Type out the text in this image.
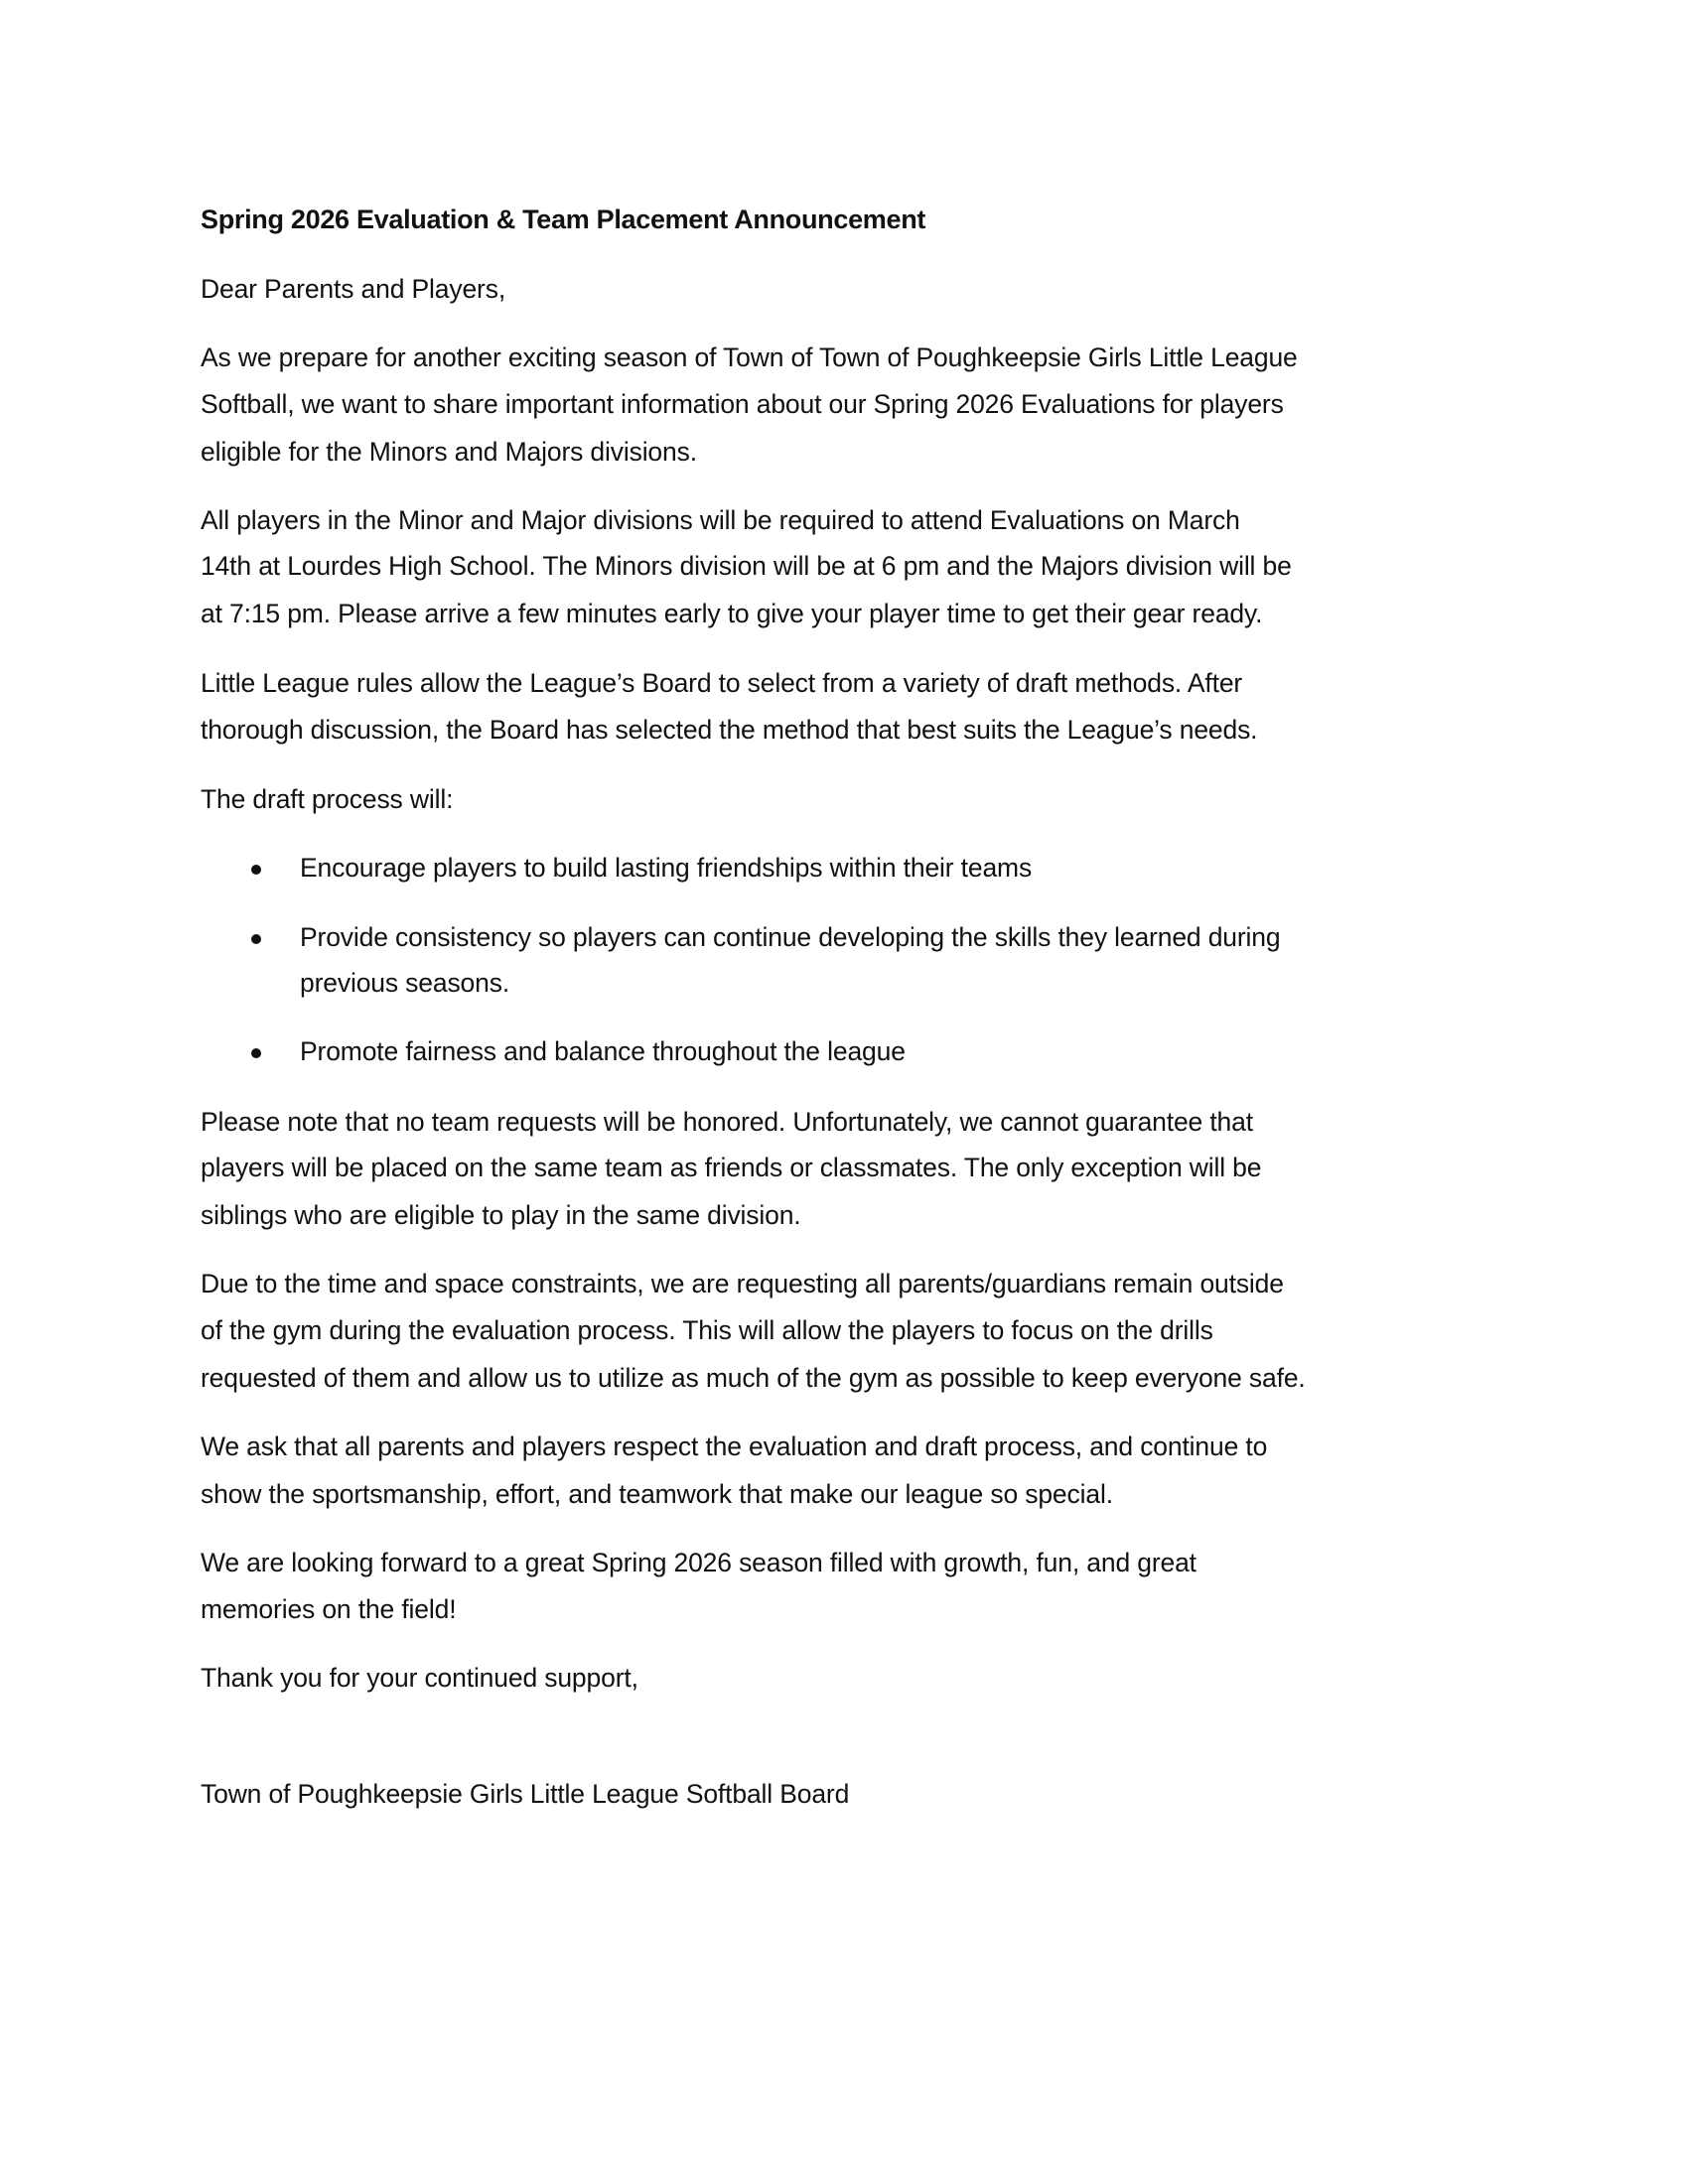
Spring 2026 Evaluation & Team Placement Announcement
Dear Parents and Players,
As we prepare for another exciting season of Town of Town of Poughkeepsie Girls Little League
Softball, we want to share important information about our Spring 2026 Evaluations for players
eligible for the Minors and Majors divisions.
All players in the Minor and Major divisions will be required to attend Evaluations on March
14th at Lourdes High School. The Minors division will be at 6 pm and the Majors division will be
at 7:15 pm. Please arrive a few minutes early to give your player time to get their gear ready.
Little League rules allow the League’s Board to select from a variety of draft methods. After
thorough discussion, the Board has selected the method that best suits the League’s needs.
The draft process will:
Encourage players to build lasting friendships within their teams
Provide consistency so players can continue developing the skills they learned during
previous seasons.
Promote fairness and balance throughout the league
Please note that no team requests will be honored. Unfortunately, we cannot guarantee that
players will be placed on the same team as friends or classmates. The only exception will be
siblings who are eligible to play in the same division.
Due to the time and space constraints, we are requesting all parents/guardians remain outside
of the gym during the evaluation process. This will allow the players to focus on the drills
requested of them and allow us to utilize as much of the gym as possible to keep everyone safe.
We ask that all parents and players respect the evaluation and draft process, and continue to
show the sportsmanship, effort, and teamwork that make our league so special.
We are looking forward to a great Spring 2026 season filled with growth, fun, and great
memories on the field!
Thank you for your continued support,
Town of Poughkeepsie Girls Little League Softball Board
